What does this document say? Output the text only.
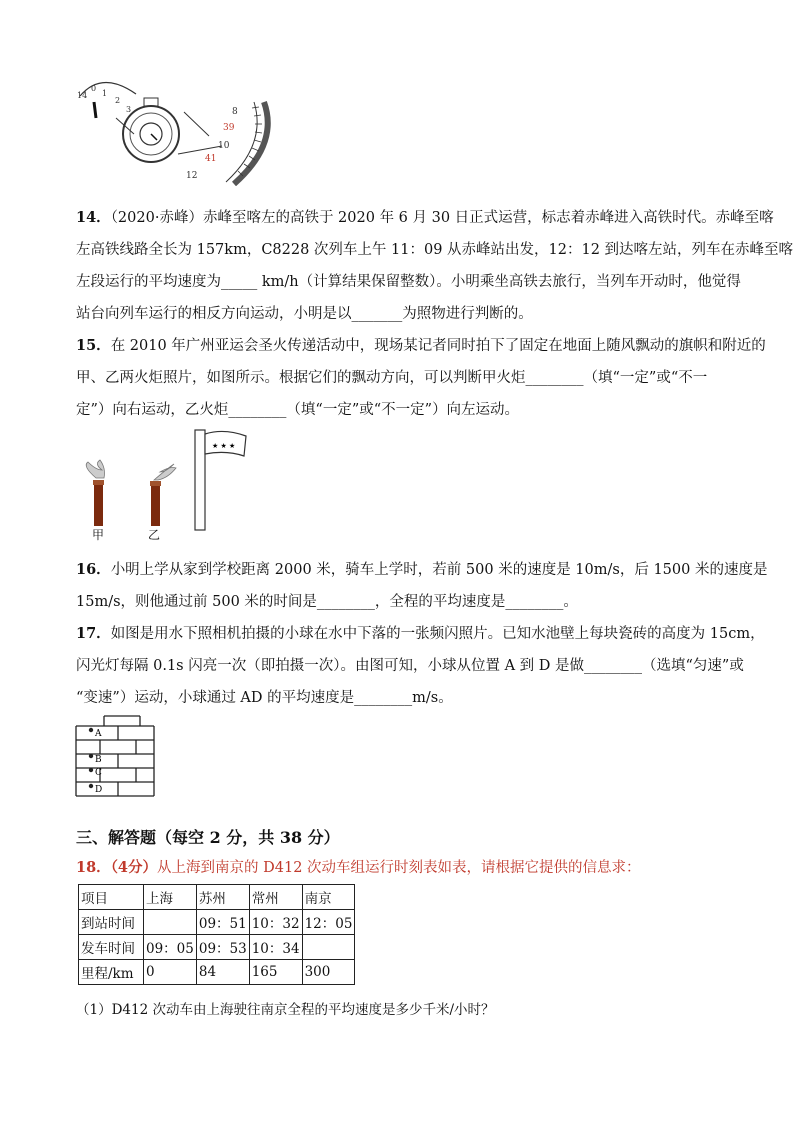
14
0
1
2
3	8
39
10
41
12
14．（2020·赤峰）赤峰至喀左的高铁于 2020 年 6 月 30 日正式运营，标志着赤峰进入高铁时代。赤峰至喀
左高铁线路全长为 157km，C8228 次列车上午 11：09 从赤峰站出发，12：12 到达喀左站，列车在赤峰至喀
左段运行的平均速度为_____ km/h（计算结果保留整数）。小明乘坐高铁去旅行，当列车开动时，他觉得
站台向列车运行的相反方向运动，小明是以_______为照物进行判断的。
15．在 2010 年广州亚运会圣火传递活动中，现场某记者同时拍下了固定在地面上随风飘动的旗帜和附近的
甲、乙两火炬照片，如图所示。根据它们的飘动方向，可以判断甲火炬________（填“一定”或“不一
定”）向右运动，乙火炬________（填“一定”或“不一定”）向左运动。
★ ★ ★
甲	乙
16．小明上学从家到学校距离 2000 米，骑车上学时，若前 500 米的速度是 10m/s，后 1500 米的速度是
15m/s，则他通过前 500 米的时间是________，全程的平均速度是________。
17．如图是用水下照相机拍摄的小球在水中下落的一张频闪照片。已知水池壁上每块瓷砖的高度为 15cm，
闪光灯每隔 0.1s 闪亮一次（即拍摄一次）。由图可知，小球从位置 A 到 D 是做________（选填“匀速”或
“变速”）运动，小球通过 AD 的平均速度是________m/s。
A
B
C
D
三、解答题（每空 2 分，共 38 分）
18．（4分）从上海到南京的 D412 次动车组运行时刻表如表，请根据它提供的信息求：
项目	上海	苏州	常州	南京
到站时间		09：51	10：32	12：05
发车时间	09：05	09：53	10：34	
里程/km	0	84	165	300
（1）D412 次动车由上海驶往南京全程的平均速度是多少千米/小时？
